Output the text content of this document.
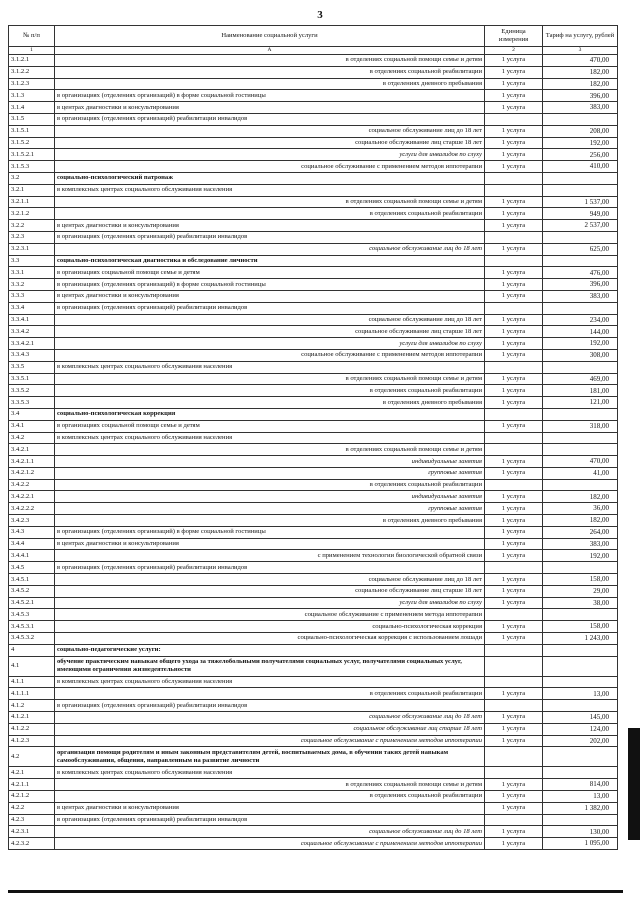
3
№ п/п	Наименование социальной услуги	Единица измерения	Тариф на услугу, рублей
1	А	2	3
3.1.2.1	в отделениях социальной помощи семье и детям	1 услуга	470,00
3.1.2.2	в отделениях социальной реабилитации	1 услуга	182,00
3.1.2.3	в отделениях дневного пребывания	1 услуга	182,00
3.1.3	в организациях (отделениях организаций) в форме социальной гостиницы	1 услуга	396,00
3.1.4	в центрах диагностики и консультирования	1 услуга	383,00
3.1.5	в организациях (отделениях организаций) реабилитации инвалидов		
3.1.5.1	социальное обслуживание лиц до 18 лет	1 услуга	208,00
3.1.5.2	социальное обслуживание лиц старше 18 лет	1 услуга	192,00
3.1.5.2.1	услуги для инвалидов по слуху	1 услуга	256,00
3.1.5.3	социальное обслуживание с применением методов иппотерапии	1 услуга	410,00
3.2	социально-психологический патронаж		
3.2.1	в комплексных центрах социального обслуживания населения		
3.2.1.1	в отделениях социальной помощи семье и детям	1 услуга	1 537,00
3.2.1.2	в отделениях социальной реабилитации	1 услуга	949,00
3.2.2	в центрах диагностики и консультирования	1 услуга	2 537,00
3.2.3	в организациях (отделениях организаций) реабилитации инвалидов		
3.2.3.1	социальное обслуживание лиц до 18 лет	1 услуга	625,00
3.3	социально-психологическая диагностика и обследование личности		
3.3.1	в организациях социальной помощи семье и детям	1 услуга	476,00
3.3.2	в организациях (отделениях организаций) в форме социальной гостиницы	1 услуга	396,00
3.3.3	в центрах диагностики и консультирования	1 услуга	383,00
3.3.4	в организациях (отделениях организаций) реабилитации инвалидов		
3.3.4.1	социальное обслуживание лиц до 18 лет	1 услуга	234,00
3.3.4.2	социальное обслуживание лиц старше 18 лет	1 услуга	144,00
3.3.4.2.1	услуги для инвалидов по слуху	1 услуга	192,00
3.3.4.3	социальное обслуживание с применением методов иппотерапии	1 услуга	308,00
3.3.5	в комплексных центрах социального обслуживания населения		
3.3.5.1	в отделениях социальной помощи семье и детям	1 услуга	469,00
3.3.5.2	в отделениях социальной реабилитации	1 услуга	181,00
3.3.5.3	в отделениях дневного пребывания	1 услуга	121,00
3.4	социально-психологическая коррекция		
3.4.1	в организациях социальной помощи семье и детям	1 услуга	318,00
3.4.2	в комплексных центрах социального обслуживания населения		
3.4.2.1	в отделениях социальной помощи семье и детям		
3.4.2.1.1	индивидуальные занятия	1 услуга	470,00
3.4.2.1.2	групповые занятия	1 услуга	41,00
3.4.2.2	в отделениях социальной реабилитации		
3.4.2.2.1	индивидуальные занятия	1 услуга	182,00
3.4.2.2.2	групповые занятия	1 услуга	36,00
3.4.2.3	в отделениях дневного пребывания	1 услуга	182,00
3.4.3	в организациях (отделениях организаций) в форме социальной гостиницы	1 услуга	264,00
3.4.4	в центрах диагностики и консультирования	1 услуга	383,00
3.4.4.1	с применением технологии биологической обратной связи	1 услуга	192,00
3.4.5	в организациях (отделениях организаций) реабилитации инвалидов		
3.4.5.1	социальное обслуживание лиц до 18 лет	1 услуга	158,00
3.4.5.2	социальное обслуживание лиц старше 18 лет	1 услуга	29,00
3.4.5.2.1	услуги для инвалидов по слуху	1 услуга	38,00
3.4.5.3	социальное обслуживание с применением метода иппотерапии		
3.4.5.3.1	социально-психологическая коррекция	1 услуга	158,00
3.4.5.3.2	социально-психологическая коррекция с использованием лошади	1 услуга	1 243,00
4	социально-педагогические услуги:		
4.1	обучение практическим навыкам общего ухода за тяжелобольными получателями социальных услуг, получателями социальных услуг, имеющими ограничения жизнедеятельности		
4.1.1	в комплексных центрах социального обслуживания населения		
4.1.1.1	в отделениях социальной реабилитации	1 услуга	13,00
4.1.2	в организациях (отделениях организаций) реабилитации инвалидов		
4.1.2.1	социальное обслуживание лиц до 18 лет	1 услуга	145,00
4.1.2.2	социальное обслуживание лиц старше 18 лет	1 услуга	124,00
4.1.2.3	социальное обслуживание с применением методов иппотерапии	1 услуга	202,00
4.2	организация помощи родителям и иным законным представителям детей, воспитываемых дома, в обучении таких детей навыкам самообслуживания, общения, направленным на развитие личности		
4.2.1	в комплексных центрах социального обслуживания населения		
4.2.1.1	в отделениях социальной помощи семье и детям	1 услуга	814,00
4.2.1.2	в отделениях социальной реабилитации	1 услуга	13,00
4.2.2	в центрах диагностики и консультирования	1 услуга	1 382,00
4.2.3	в организациях (отделениях организаций) реабилитации инвалидов		
4.2.3.1	социальное обслуживание лиц до 18 лет	1 услуга	130,00
4.2.3.2	социальное обслуживание с применением методов иппотерапии	1 услуга	1 095,00
